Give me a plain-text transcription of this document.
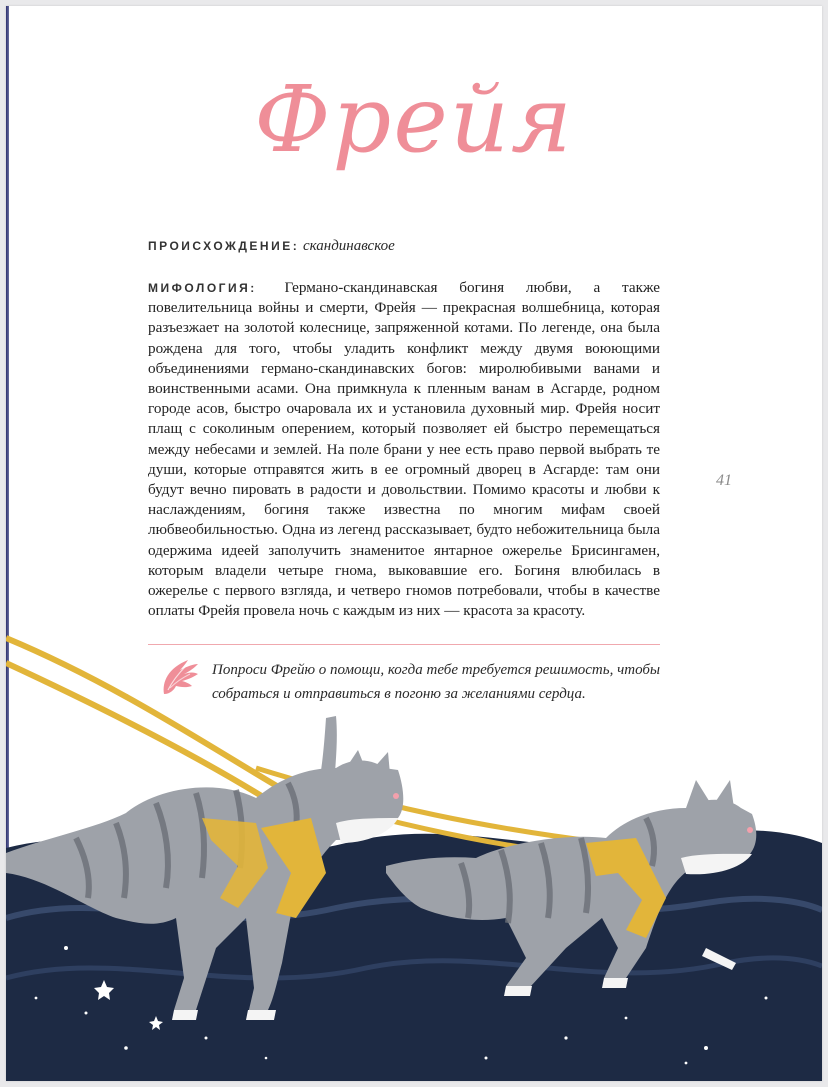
Фрейя
ПРОИСХОЖДЕНИЕ: скандинавское
МИФОЛОГИЯ: Германо-скандинавская богиня любви, а также повелительница войны и смерти, Фрейя — прекрасная волшебница, которая разъезжает на золотой колеснице, запряженной котами. По легенде, она была рождена для того, чтобы уладить конфликт между двумя воюющими объединениями германо-скандинавских богов: миролюбивыми ванами и воинственными асами. Она примкнула к пленным ванам в Асгарде, родном городе асов, быстро очаровала их и установила духовный мир. Фрейя носит плащ с соколиным оперением, который позволяет ей быстро перемещаться между небесами и землей. На поле брани у нее есть право первой выбрать те души, которые отправятся жить в ее огромный дворец в Асгарде: там они будут вечно пировать в радости и довольствии. Помимо красоты и любви к наслаждениям, богиня также известна по многим мифам своей любвеобильностью. Одна из легенд рассказывает, будто небожительница была одержима идеей заполучить знаменитое янтарное ожерелье Брисингамен, которым владели четыре гнома, выковавшие его. Богиня влюбилась в ожерелье с первого взгляда, и четверо гномов потребовали, чтобы в качестве оплаты Фрейя провела ночь с каждым из них — красота за красоту.
41
Попроси Фрейю о помощи, когда тебе требуется решимость, чтобы собраться и отправиться в погоню за желаниями сердца.
